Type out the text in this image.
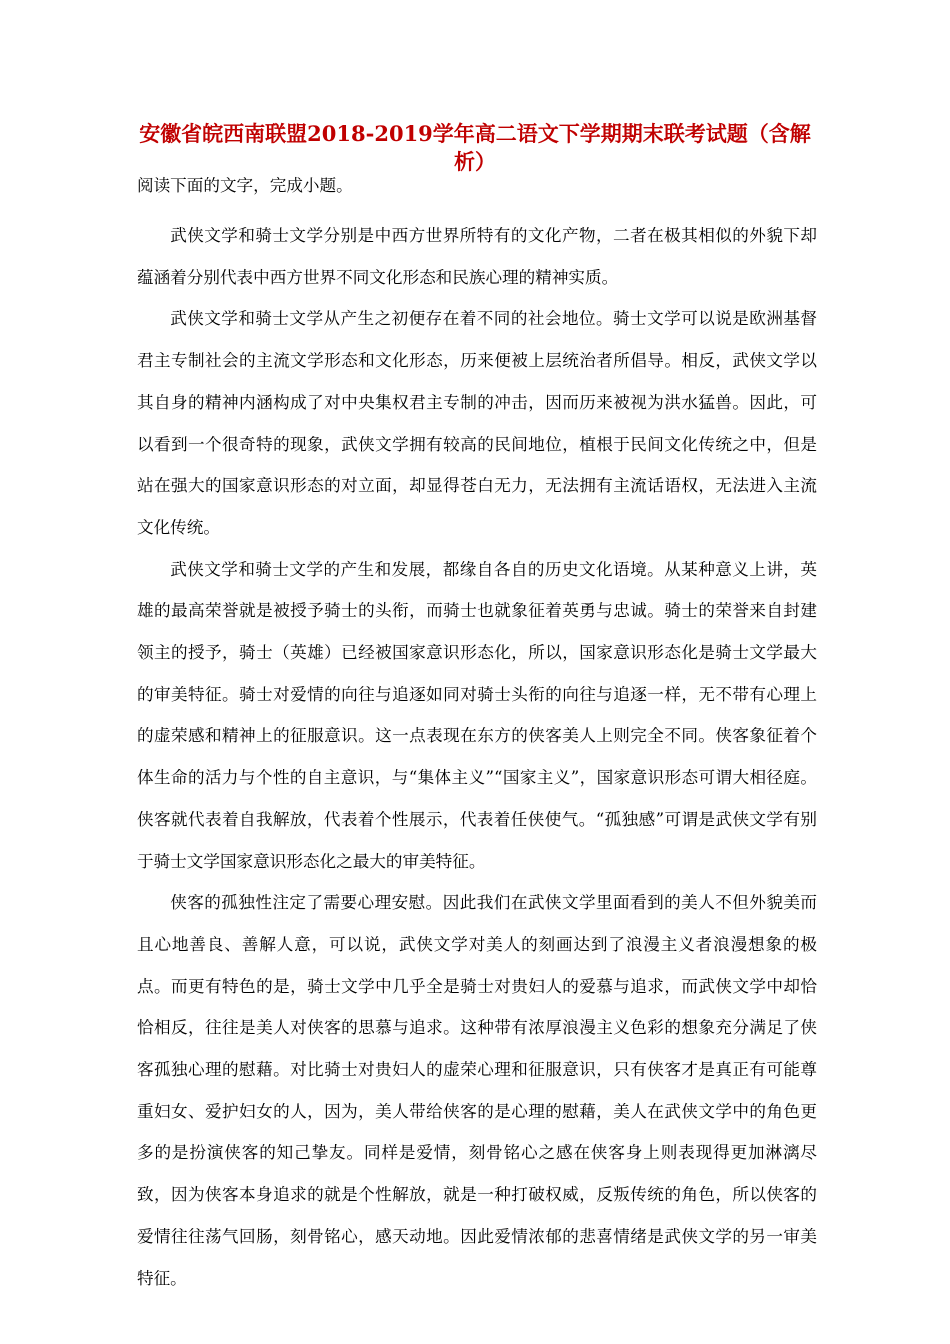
安徽省皖西南联盟2018-2019学年高二语文下学期期末联考试题（含解析）

阅读下面的文字，完成小题。

武侠文学和骑士文学分别是中西方世界所特有的文化产物，二者在极其相似的外貌下却蕴涵着分别代表中西方世界不同文化形态和民族心理的精神实质。

武侠文学和骑士文学从产生之初便存在着不同的社会地位。骑士文学可以说是欧洲基督君主专制社会的主流文学形态和文化形态，历来便被上层统治者所倡导。相反，武侠文学以其自身的精神内涵构成了对中央集权君主专制的冲击，因而历来被视为洪水猛兽。因此，可以看到一个很奇特的现象，武侠文学拥有较高的民间地位，植根于民间文化传统之中，但是站在强大的国家意识形态的对立面，却显得苍白无力，无法拥有主流话语权，无法进入主流文化传统。

武侠文学和骑士文学的产生和发展，都缘自各自的历史文化语境。从某种意义上讲，英雄的最高荣誉就是被授予骑士的头衔，而骑士也就象征着英勇与忠诚。骑士的荣誉来自封建领主的授予，骑士（英雄）已经被国家意识形态化，所以，国家意识形态化是骑士文学最大的审美特征。骑士对爱情的向往与追逐如同对骑士头衔的向往与追逐一样，无不带有心理上的虚荣感和精神上的征服意识。这一点表现在东方的侠客美人上则完全不同。侠客象征着个体生命的活力与个性的自主意识，与“集体主义”“国家主义”，国家意识形态可谓大相径庭。侠客就代表着自我解放，代表着个性展示，代表着任侠使气。“孤独感”可谓是武侠文学有别于骑士文学国家意识形态化之最大的审美特征。

侠客的孤独性注定了需要心理安慰。因此我们在武侠文学里面看到的美人不但外貌美而且心地善良、善解人意，可以说，武侠文学对美人的刻画达到了浪漫主义者浪漫想象的极点。而更有特色的是，骑士文学中几乎全是骑士对贵妇人的爱慕与追求，而武侠文学中却恰恰相反，往往是美人对侠客的思慕与追求。这种带有浓厚浪漫主义色彩的想象充分满足了侠客孤独心理的慰藉。对比骑士对贵妇人的虚荣心理和征服意识，只有侠客才是真正有可能尊重妇女、爱护妇女的人，因为，美人带给侠客的是心理的慰藉，美人在武侠文学中的角色更多的是扮演侠客的知己挚友。同样是爱情，刻骨铭心之感在侠客身上则表现得更加淋漓尽致，因为侠客本身追求的就是个性解放，就是一种打破权威，反叛传统的角色，所以侠客的爱情往往荡气回肠，刻骨铭心，感天动地。因此爱情浓郁的悲喜情绪是武侠文学的另一审美特征。
